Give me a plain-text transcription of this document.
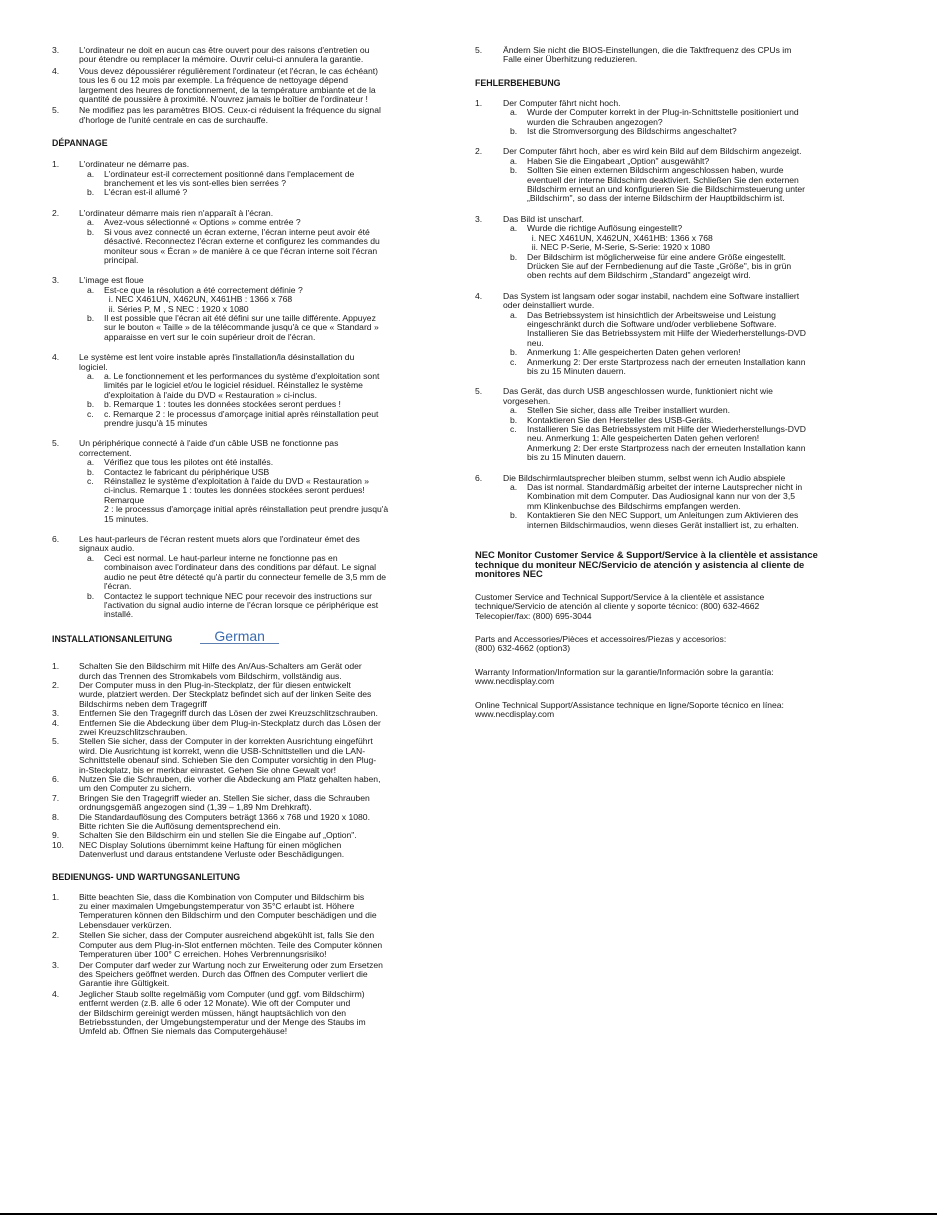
3.	L'ordinateur ne doit en aucun cas être ouvert pour des raisons d'entretien ou
pour étendre ou remplacer la mémoire. Ouvrir celui-ci annulera la garantie.
4.	Vous devez dépoussiérer régulièrement l'ordinateur (et l'écran, le cas échéant)
tous les 6 ou 12 mois par exemple. La fréquence de nettoyage dépend
largement des heures de fonctionnement, de la température ambiante et de la
quantité de poussière à proximité. N'ouvrez jamais le boîtier de l'ordinateur !
5.	Ne modifiez pas les paramètres BIOS. Ceux-ci réduisent la fréquence du signal
d'horloge de l'unité centrale en cas de surchauffe.
DÉPANNAGE
1.	L'ordinateur ne démarre pas.
a.	L'ordinateur est-il correctement positionné dans l'emplacement de
branchement et les vis sont-elles bien serrées ?
b.	L'écran est-il allumé ?
2.	L'ordinateur démarre mais rien n'apparaît à l'écran.
a.	Avez-vous sélectionné « Options » comme entrée ?
b.	Si vous avez connecté un écran externe, l'écran interne peut avoir été
désactivé. Reconnectez l'écran externe et configurez les commandes du
moniteur sous « Écran » de manière à ce que l'écran interne soit l'écran
principal.
3.	L'image est floue
a.	Est-ce que la résolution a été correctement définie ?
i. NEC X461UN, X462UN, X461HB : 1366 x 768
ii. Séries P, M , S NEC : 1920 x 1080
b.	Il est possible que l'écran ait été défini sur une taille différente. Appuyez
sur le bouton « Taille » de la télécommande jusqu'à ce que « Standard »
apparaisse en vert sur le coin supérieur droit de l'écran.
4.	Le système est lent voire instable après l'installation/la désinstallation du
logiciel.
a.	a. Le fonctionnement et les performances du système d'exploitation sont
limités par le logiciel et/ou le logiciel résiduel. Réinstallez le système
d'exploitation à l'aide du DVD « Restauration » ci-inclus.
b.	b. Remarque 1 : toutes les données stockées seront perdues !
c.	c. Remarque 2 : le processus d'amorçage initial après réinstallation peut
prendre jusqu'à 15 minutes
5.	Un périphérique connecté à l'aide d'un câble USB ne fonctionne pas
correctement.
a.	Vérifiez que tous les pilotes ont été installés.
b.	Contactez le fabricant du périphérique USB
c.	Réinstallez le système d'exploitation à l'aide du DVD « Restauration »
ci-inclus. Remarque 1 : toutes les données stockées seront perdues!
Remarque
2 : le processus d'amorçage initial après réinstallation peut prendre jusqu'à
15 minutes.
6.	Les haut-parleurs de l'écran restent muets alors que l'ordinateur émet des
signaux audio.
a.	Ceci est normal. Le haut-parleur interne ne fonctionne pas en
combinaison avec l'ordinateur dans des conditions par défaut. Le signal
audio ne peut être détecté qu'à partir du connecteur femelle de 3,5 mm de
l'écran.
b.	Contactez le support technique NEC pour recevoir des instructions sur
l'activation du signal audio interne de l'écran lorsque ce périphérique est
installé.
INSTALLATIONSANLEITUNG	German
1.	Schalten Sie den Bildschirm mit Hilfe des An/Aus-Schalters am Gerät oder
durch das Trennen des Stromkabels vom Bildschirm, vollständig aus.
2.	Der Computer muss in den Plug-in-Steckplatz, der für diesen entwickelt
wurde, platziert werden. Der Steckplatz befindet sich auf der linken Seite des
Bildschirms neben dem Tragegriff
3.	Entfernen Sie den Tragegriff durch das Lösen der zwei Kreuzschlitzschrauben.
4.	Entfernen Sie die Abdeckung über dem Plug-in-Steckplatz durch das Lösen der
zwei Kreuzschlitzschrauben.
5.	Stellen Sie sicher, dass der Computer in der korrekten Ausrichtung eingeführt
wird. Die Ausrichtung ist korrekt, wenn die USB-Schnittstellen und die LAN-
Schnittstelle obenauf sind. Schieben Sie den Computer vorsichtig in den Plug-
in-Steckplatz, bis er merkbar einrastet. Gehen Sie ohne Gewalt vor!
6.	Nutzen Sie die Schrauben, die vorher die Abdeckung am Platz gehalten haben,
um den Computer zu sichern.
7.	Bringen Sie den Tragegriff wieder an. Stellen Sie sicher, dass die Schrauben
ordnungsgemäß angezogen sind (1,39 – 1,89 Nm Drehkraft).
8.	Die Standardauflösung des Computers beträgt 1366 x 768 und 1920 x 1080.
Bitte richten Sie die Auflösung dementsprechend ein.
9.	Schalten Sie den Bildschirm ein und stellen Sie die Eingabe auf „Option".
10.	NEC Display Solutions übernimmt keine Haftung für einen möglichen
Datenverlust und daraus entstandene Verluste oder Beschädigungen.
BEDIENUNGS- UND WARTUNGSANLEITUNG
1.	Bitte beachten Sie, dass die Kombination von Computer und Bildschirm bis
zu einer maximalen Umgebungstemperatur von 35°C erlaubt ist. Höhere
Temperaturen können den Bildschirm und den Computer beschädigen und die
Lebensdauer verkürzen.
2.	Stellen Sie sicher, dass der Computer ausreichend abgekühlt ist, falls Sie den
Computer aus dem Plug-in-Slot entfernen möchten. Teile des Computer können
Temperaturen über 100° C erreichen. Hohes Verbrennungsrisiko!
3.	Der Computer darf weder zur Wartung noch zur Erweiterung oder zum Ersetzen
des Speichers geöffnet werden. Durch das Öffnen des Computer verliert die
Garantie ihre Gültigkeit.
4.	Jeglicher Staub sollte regelmäßig vom Computer (und ggf. vom Bildschirm)
entfernt werden (z.B. alle 6 oder 12 Monate). Wie oft der Computer und
der Bildschirm gereinigt werden müssen, hängt hauptsächlich von den
Betriebsstunden, der Umgebungstemperatur und der Menge des Staubs im
Umfeld ab. Öffnen Sie niemals das Computergehäuse!
5.	Ändern Sie nicht die BIOS-Einstellungen, die die Taktfrequenz des CPUs im
Falle einer Überhitzung reduzieren.
FEHLERBEHEBUNG
1.	Der Computer fährt nicht hoch.
a.	Wurde der Computer korrekt in der Plug-in-Schnittstelle positioniert und
wurden die Schrauben angezogen?
b.	Ist die Stromversorgung des Bildschirms angeschaltet?
2.	Der Computer fährt hoch, aber es wird kein Bild auf dem Bildschirm angezeigt.
a.	Haben Sie die Eingabeart „Option" ausgewählt?
b.	Sollten Sie einen externen Bildschirm angeschlossen haben, wurde
eventuell der interne Bildschirm deaktiviert. Schließen Sie den externen
Bildschirm erneut an und konfigurieren Sie die Bildschirmsteuerung unter
„Bildschirm", so dass der interne Bildschirm der Hauptbildschirm ist.
3.	Das Bild ist unscharf.
a.	Wurde die richtige Auflösung eingestellt?
i. NEC X461UN, X462UN, X461HB: 1366 x 768
ii. NEC P-Serie, M-Serie, S-Serie: 1920 x 1080
b.	Der Bildschirm ist möglicherweise für eine andere Größe eingestellt.
Drücken Sie auf der Fernbedienung auf die Taste „Größe", bis in grün
oben rechts auf dem Bildschirm „Standard" angezeigt wird.
4.	Das System ist langsam oder sogar instabil, nachdem eine Software installiert
oder deinstalliert wurde.
a.	Das Betriebssystem ist hinsichtlich der Arbeitsweise und Leistung
eingeschränkt durch die Software und/oder verbliebene Software.
Installieren Sie das Betriebssystem mit Hilfe der Wiederherstellungs-DVD
neu.
b.	Anmerkung 1: Alle gespeicherten Daten gehen verloren!
c.	Anmerkung 2: Der erste Startprozess nach der erneuten Installation kann
bis zu 15 Minuten dauern.
5.	Das Gerät, das durch USB angeschlossen wurde, funktioniert nicht wie
vorgesehen.
a.	Stellen Sie sicher, dass alle Treiber installiert wurden.
b.	Kontaktieren Sie den Hersteller des USB-Geräts.
c.	Installieren Sie das Betriebssystem mit Hilfe der Wiederherstellungs-DVD
neu. Anmerkung 1: Alle gespeicherten Daten gehen verloren!
Anmerkung 2: Der erste Startprozess nach der erneuten Installation kann
bis zu 15 Minuten dauern.
6.	Die Bildschirmlautsprecher bleiben stumm, selbst wenn ich Audio abspiele
a.	Das ist normal. Standardmäßig arbeitet der interne Lautsprecher nicht in
Kombination mit dem Computer. Das Audiosignal kann nur von der 3,5
mm Klinkenbuchse des Bildschirms empfangen werden.
b.	Kontaktieren Sie den NEC Support, um Anleitungen zum Aktivieren des
internen Bildschirmaudios, wenn dieses Gerät installiert ist, zu erhalten.
NEC Monitor Customer Service & Support/Service à la clientèle et assistance
technique du moniteur NEC/Servicio de atención y asistencia al cliente de
monitores NEC
Customer Service and Technical Support/Service à la clientèle et assistance
technique/Servicio de atención al cliente y soporte técnico: (800) 632-4662
Telecopier/fax: (800) 695-3044
Parts and Accessories/Pièces et accessoires/Piezas y accesorios:
(800) 632-4662 (option3)
Warranty Information/Information sur la garantie/Información sobre la garantía:
www.necdisplay.com
Online Technical Support/Assistance technique en ligne/Soporte técnico en línea:
www.necdisplay.com
